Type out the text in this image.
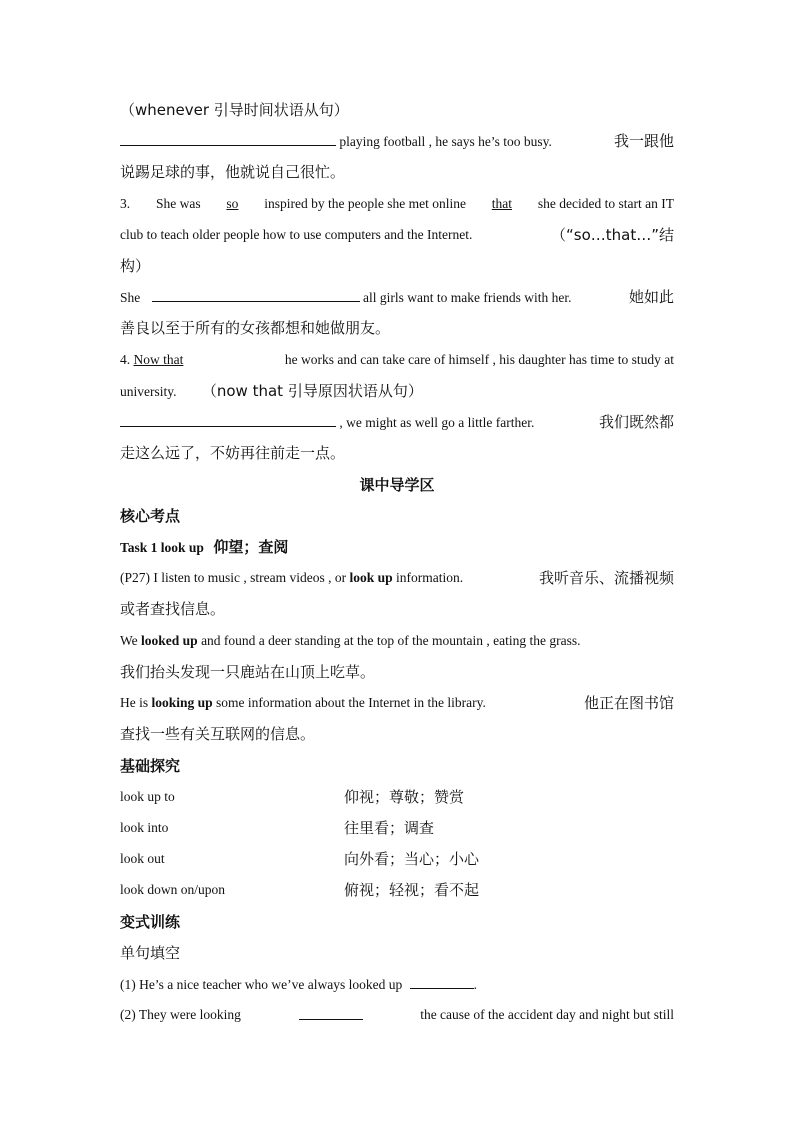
（whenever 引导时间状语从句）
playing football , he says he’s too busy.	我一跟他
说踢足球的事，他就说自己很忙。
3. She was so inspired by the people she met online that she decided to start an IT
club to teach older people how to use computers and the Internet.	（“so…that…”结
构）
She	all girls want to make friends with her.	她如此
善良以至于所有的女孩都想和她做朋友。
4. Now that	he works and can take care of himself , his daughter has time to study at
university. （now that 引导原因状语从句）
, we might as well go a little farther.	我们既然都
走这么远了，不妨再往前走一点。
课中导学区
核心考点
Task 1 look up 仰望；查阅
(P27) I listen to music , stream videos , or look up information.	我听音乐、流播视频
或者查找信息。
We looked up and found a deer standing at the top of the mountain , eating the grass.
我们抬头发现一只鹿站在山顶上吃草。
He is looking up some information about the Internet in the library.	他正在图书馆
查找一些有关互联网的信息。
基础探究
look up to	仰视；尊敬；赞赏
look into	往里看；调查
look out	向外看；当心；小心
look down on/upon	俯视；轻视；看不起
变式训练
单句填空
(1) He’s a nice teacher who we’ve always looked up	.
(2) They were looking	the cause of the accident day and night but still
